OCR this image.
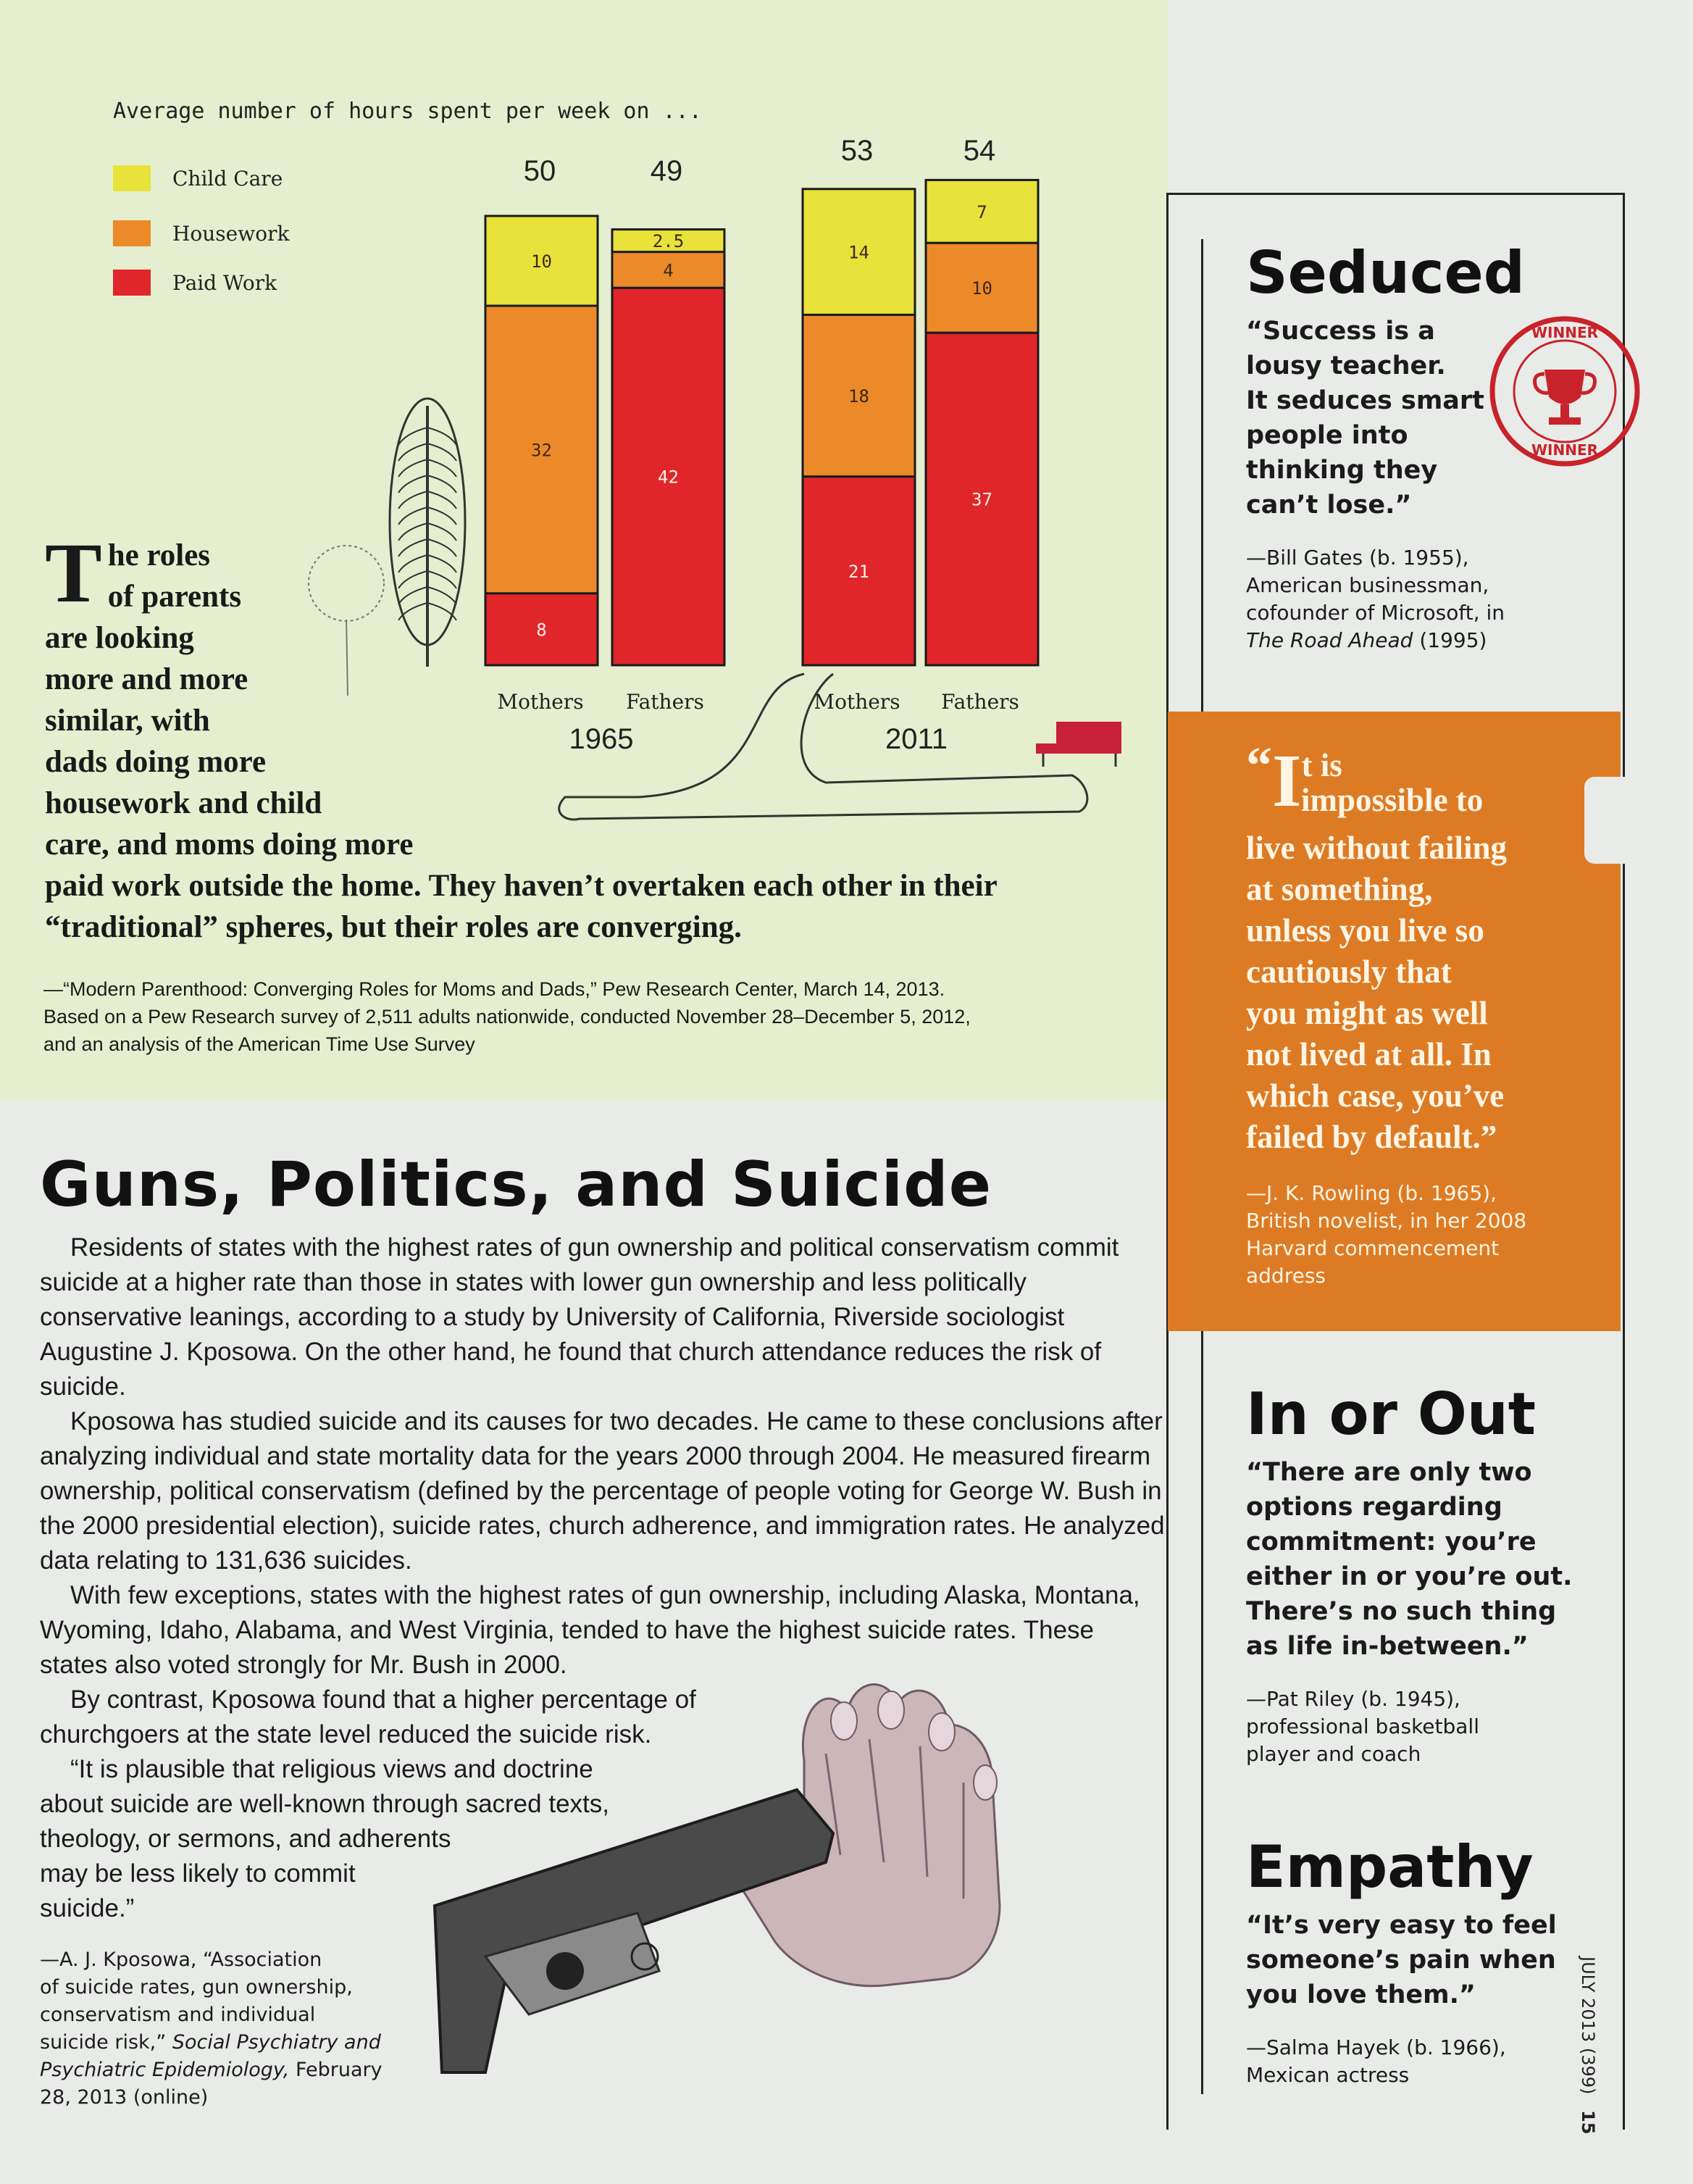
8
32
10
42
4
2.5
21
18
14
37
10
7
Average number of hours spent per week on ...
Child Care
Housework
Paid Work
50	49
53	54
Mothers	Fathers	Mothers	Fathers
1965	2011
T he roles
of parents
are looking
more and more
similar, with
dads doing more
housework and child
care, and moms doing more
paid work outside the home. They haven’t overtaken each other in their
“traditional” spheres, but their roles are converging.
—“Modern Parenthood: Converging Roles for Moms and Dads,” Pew Research Center, March 14, 2013.
Based on a Pew Research survey of 2,511 adults nationwide, conducted November 28–December 5, 2012,
and an analysis of the American Time Use Survey
Guns, Politics, and Suicide

Residents of states with the highest rates of gun ownership and political conservatism commit suicide at a higher rate than those in states with lower gun ownership and less politically conservative leanings, according to a study by University of California, Riverside sociologist Augustine J. Kposowa. On the other hand, he found that church attendance reduces the risk of suicide.

Kposowa has studied suicide and its causes for two decades. He came to these conclusions after analyzing individual and state mortality data for the years 2000 through 2004. He measured firearm ownership, political conservatism (defined by the percentage of people voting for George W. Bush in the 2000 presidential election), suicide rates, church adherence, and immigration rates. He analyzed data relating to 131,636 suicides.

With few exceptions, states with the highest rates of gun ownership, including Alaska, Montana, Wyoming, Idaho, Alabama, and West Virginia, tended to have the highest suicide rates. These states also voted strongly for Mr. Bush in 2000.

By contrast, Kposowa found that a higher percentage of
churchgoers at the state level reduced the suicide risk.
“It is plausible that religious views and doctrine
about suicide are well-known through sacred texts,
theology, or sermons, and adherents
may be less likely to commit
suicide.”
—A. J. Kposowa, “Association
of suicide rates, gun ownership,
conservatism and individual
suicide risk,” Social Psychiatry and
Psychiatric Epidemiology, February
28, 2013 (online)
Seduced
“Success is a
lousy teacher.
It seduces smart
people into
thinking they
can’t lose.”
—Bill Gates (b. 1955),
American businessman,
cofounder of Microsoft, in
The Road Ahead (1995)
WINNER
WINNER
“It is
impossible to
live without failing
at something,
unless you live so
cautiously that
you might as well
not lived at all. In
which case, you’ve
failed by default.”
—J. K. Rowling (b. 1965),
British novelist, in her 2008
Harvard commencement
address
In or Out
“There are only two
options regarding
commitment: you’re
either in or you’re out.
There’s no such thing
as life in-between.”
—Pat Riley (b. 1945),
professional basketball
player and coach
Empathy
“It’s very easy to feel
someone’s pain when
you love them.”
—Salma Hayek (b. 1966),
Mexican actress	JULY 2013 (399) 15
